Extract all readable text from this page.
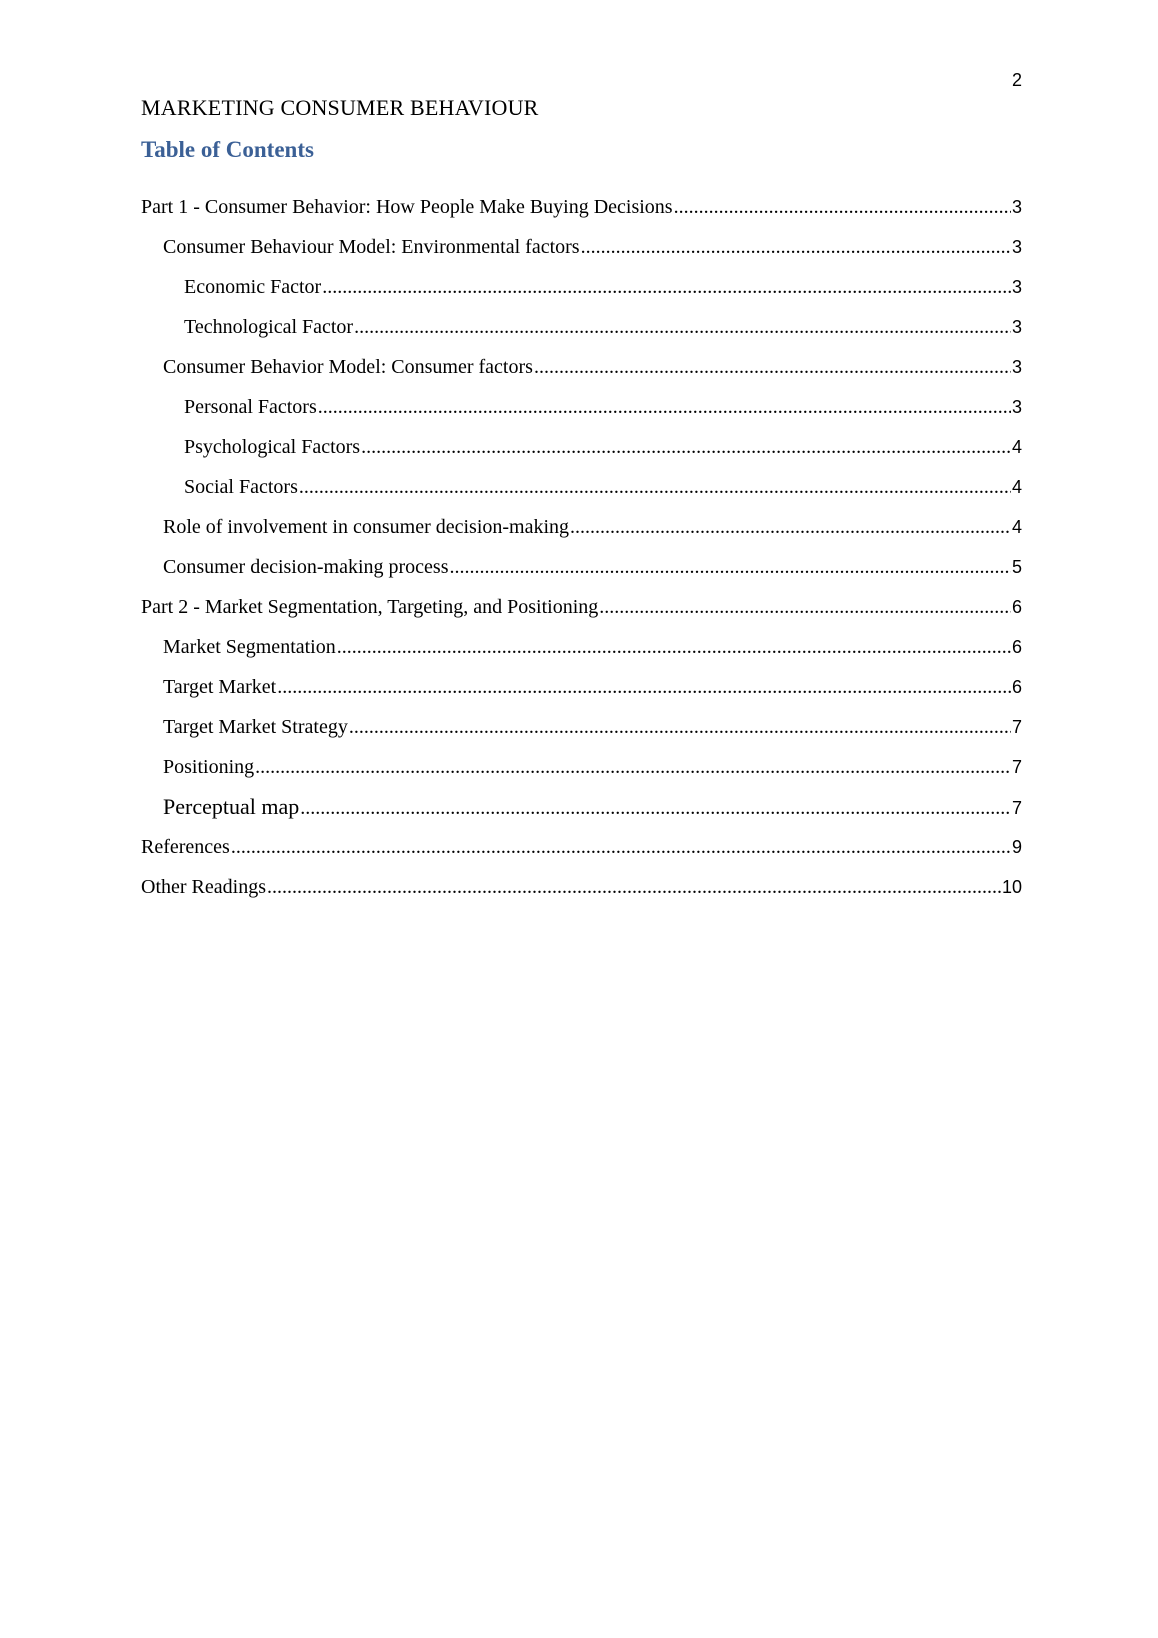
2
MARKETING CONSUMER BEHAVIOUR
Table of Contents
Part 1 - Consumer Behavior: How People Make Buying Decisions .....	3
Consumer Behaviour Model: Environmental factors .....	3
Economic Factor .....	3
Technological Factor .....	3
Consumer Behavior Model: Consumer factors .....	3
Personal Factors .....	3
Psychological Factors .....	4
Social Factors .....	4
Role of involvement in consumer decision-making .....	4
Consumer decision-making process .....	5
Part 2 - Market Segmentation, Targeting, and Positioning .....	6
Market Segmentation .....	6
Target Market .....	6
Target Market Strategy .....	7
Positioning .....	7
Perceptual map .....	7
References .....	9
Other Readings .....	10
